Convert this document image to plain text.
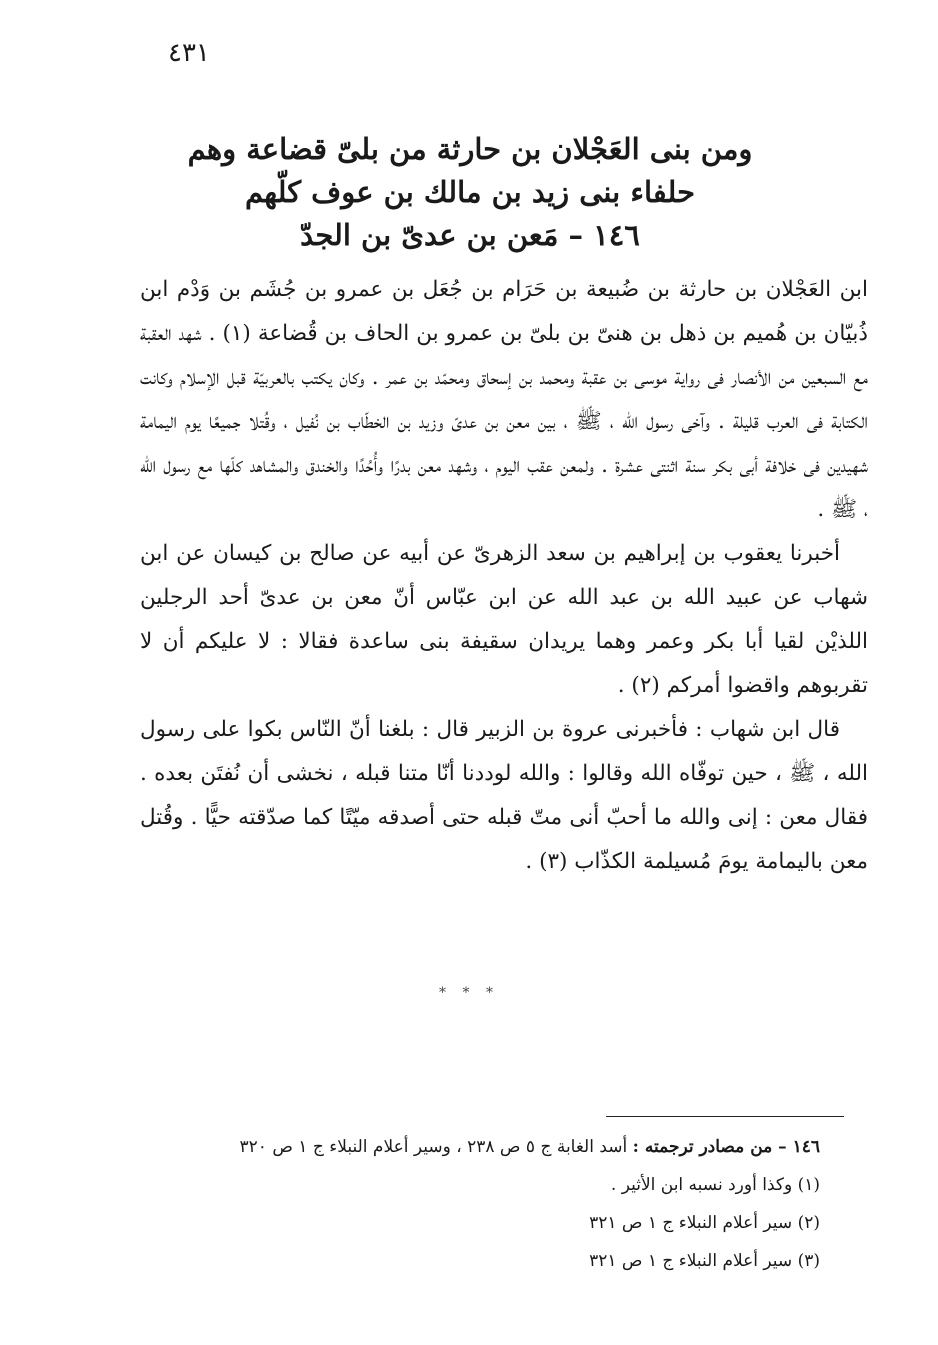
٤٣١
ومن بنى العَجْلان بن حارثة من بلىّ قضاعة وهم
حلفاء بنى زيد بن مالك بن عوف كلّهم
١٤٦ – مَعن بن عدىّ بن الجدّ

ابن العَجْلان بن حارثة بن ضُبيعة بن حَرَام بن جُعَل بن عمرو بن جُشَم بن وَدْم ابن ذُبيّان بن هُميم بن ذهل بن هنىّ بن بلىّ بن عمرو بن الحاف بن قُضاعة (١) . شهد العقبة مع السبعين من الأنصار فى رواية موسى بن عقبة ومحمد بن إسحاق ومحمّد بن عمر . وكان يكتب بالعربيّة قبل الإسلام وكانت الكتابة فى العرب قليلة . وآخى رسول الله ، ﷺ ، بين معن بن عدىّ وزيد بن الخطّاب بن نُفيل ، وقُتلا جميعًا يوم اليمامة شهيدين فى خلافة أبى بكر سنة اثنتى عشرة . ولمعن عقب اليوم ، وشهد معن بدرًا وأُحُدًا والخندق والمشاهد كلّها مع رسول الله ، ﷺ .

أخبرنا يعقوب بن إبراهيم بن سعد الزهرىّ عن أبيه عن صالح بن كيسان عن ابن شهاب عن عبيد الله بن عبد الله عن ابن عبّاس أنّ معن بن عدىّ أحد الرجلين اللذيْن لقيا أبا بكر وعمر وهما يريدان سقيفة بنى ساعدة فقالا : لا عليكم أن لا تقربوهم واقضوا أمركم (٢) .

قال ابن شهاب : فأخبرنى عروة بن الزبير قال : بلغنا أنّ النّاس بكوا على رسول الله ، ﷺ ، حين توفّاه الله وقالوا : والله لوددنا أنّا متنا قبله ، نخشى أن نُفتَن بعده . فقال معن : إنى والله ما أحبّ أنى متّ قبله حتى أصدقه ميّتًا كما صدّقته حيًّا . وقُتل معن باليمامة يومَ مُسيلمة الكذّاب (٣) .

* * *
١٤٦ – من مصادر ترجمته : أسد الغابة ج ٥ ص ٢٣٨ ، وسير أعلام النبلاء ج ١ ص ٣٢٠
(١) وكذا أورد نسبه ابن الأثير .
(٢) سير أعلام النبلاء ج ١ ص ٣٢١
(٣) سير أعلام النبلاء ج ١ ص ٣٢١
